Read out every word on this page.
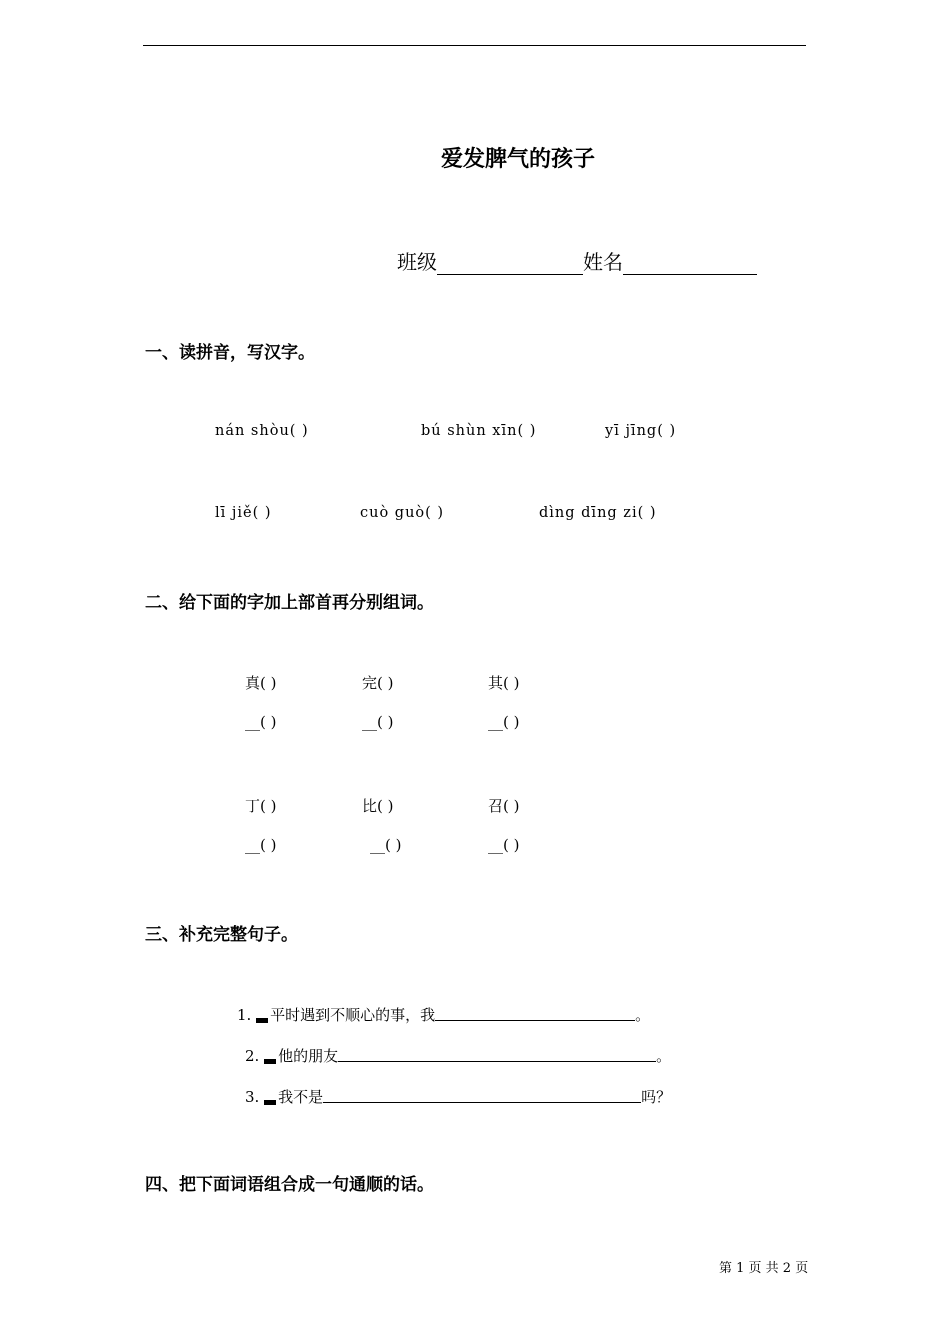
爱发脾气的孩子
班级	姓名
一、读拼音，写汉字。
nán shòu( )	bú shùn xīn( )	yī jīng( )
lī jiě( )	cuò guò( )	dìng dīng zi( )
二、给下面的字加上部首再分别组词。
真( )	完( )	其( )
__( )	__( )	__( )
丁( )	比( )	召( )
__( )	__( )	__( )
三、补充完整句子。
1. 平时遇到不顺心的事，我	。
2. 他的朋友	。
3. 我不是	吗？
四、把下面词语组合成一句通顺的话。
第 1 页 共 2 页
